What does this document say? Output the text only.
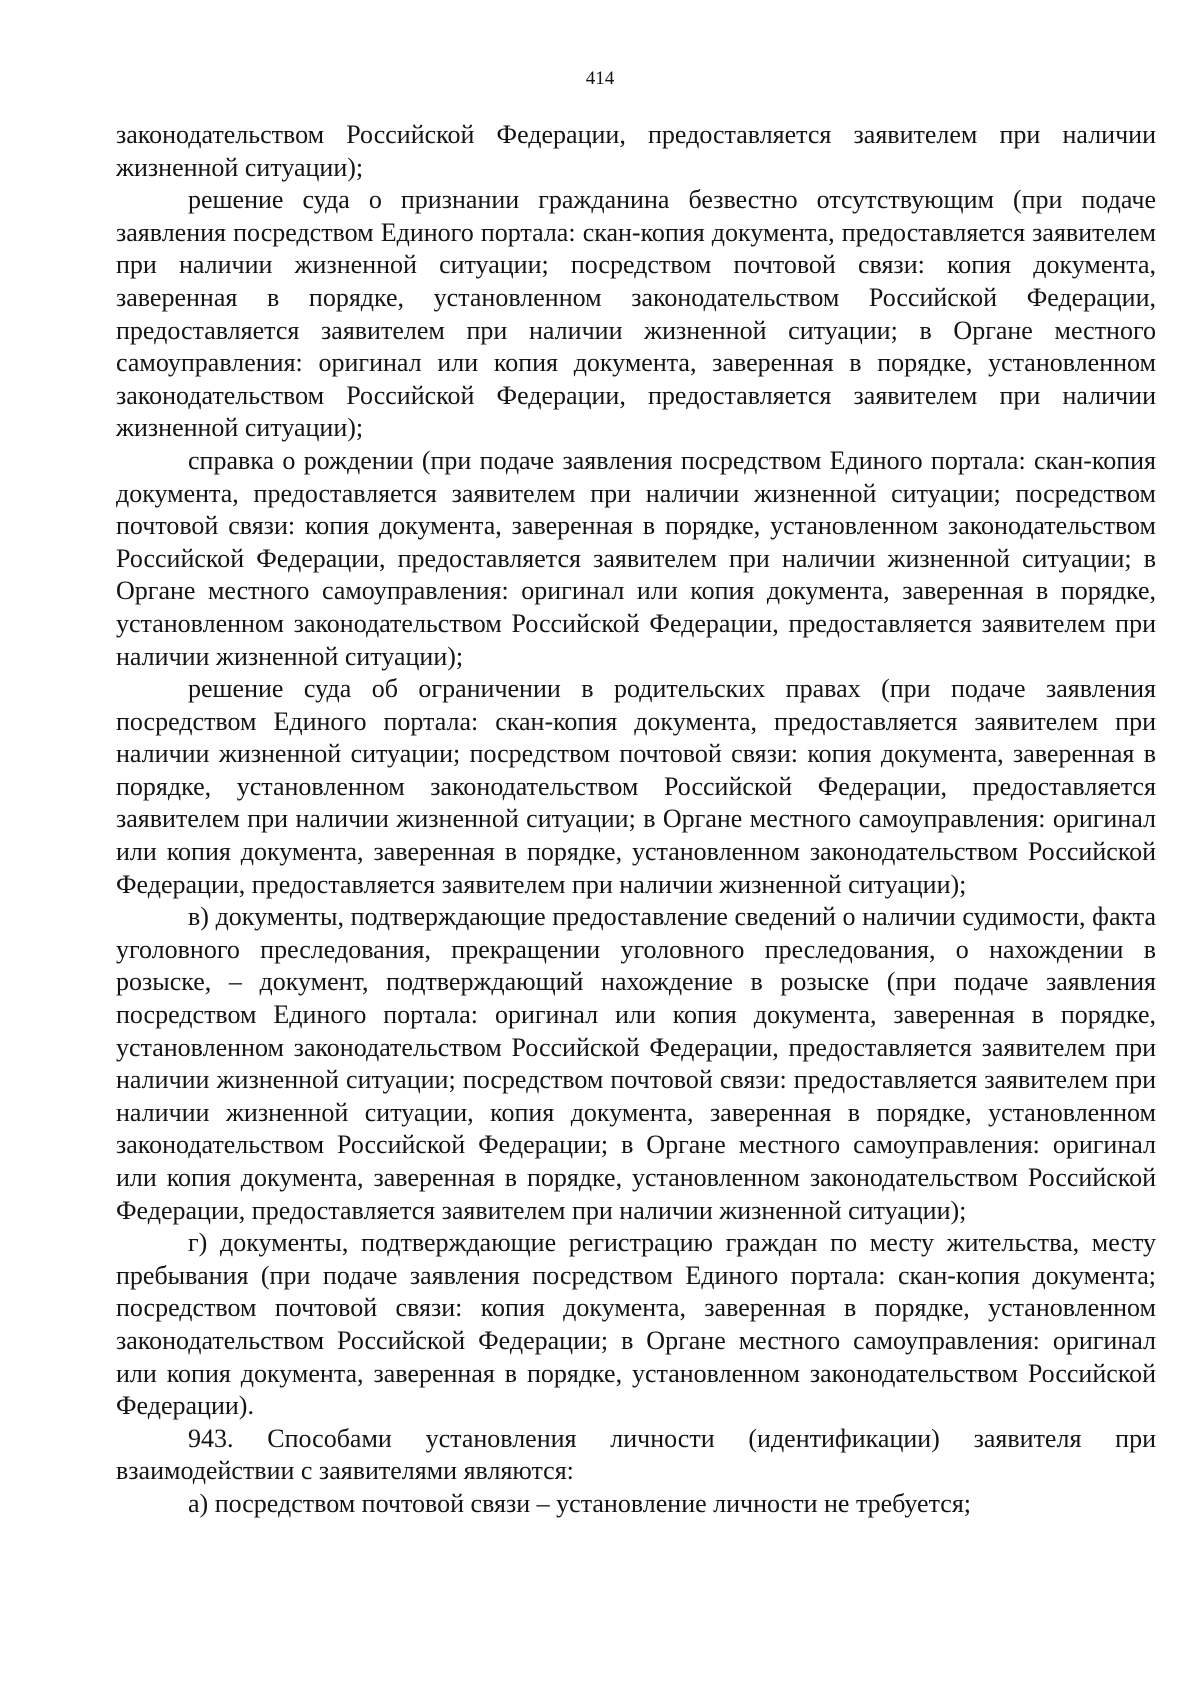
414

законодательством Российской Федерации, предоставляется заявителем при наличии жизненной ситуации);

решение суда о признании гражданина безвестно отсутствующим (при подаче заявления посредством Единого портала: скан-копия документа, предоставляется заявителем при наличии жизненной ситуации; посредством почтовой связи: копия документа, заверенная в порядке, установленном законодательством Российской Федерации, предоставляется заявителем при наличии жизненной ситуации; в Органе местного самоуправления: оригинал или копия документа, заверенная в порядке, установленном законодательством Российской Федерации, предоставляется заявителем при наличии жизненной ситуации);

справка о рождении (при подаче заявления посредством Единого портала: скан-копия документа, предоставляется заявителем при наличии жизненной ситуации; посредством почтовой связи: копия документа, заверенная в порядке, установленном законодательством Российской Федерации, предоставляется заявителем при наличии жизненной ситуации; в Органе местного самоуправления: оригинал или копия документа, заверенная в порядке, установленном законодательством Российской Федерации, предоставляется заявителем при наличии жизненной ситуации);

решение суда об ограничении в родительских правах (при подаче заявления посредством Единого портала: скан-копия документа, предоставляется заявителем при наличии жизненной ситуации; посредством почтовой связи: копия документа, заверенная в порядке, установленном законодательством Российской Федерации, предоставляется заявителем при наличии жизненной ситуации; в Органе местного самоуправления: оригинал или копия документа, заверенная в порядке, установленном законодательством Российской Федерации, предоставляется заявителем при наличии жизненной ситуации);

в) документы, подтверждающие предоставление сведений о наличии судимости, факта уголовного преследования, прекращении уголовного преследования, о нахождении в розыске, – документ, подтверждающий нахождение в розыске (при подаче заявления посредством Единого портала: оригинал или копия документа, заверенная в порядке, установленном законодательством Российской Федерации, предоставляется заявителем при наличии жизненной ситуации; посредством почтовой связи: предоставляется заявителем при наличии жизненной ситуации, копия документа, заверенная в порядке, установленном законодательством Российской Федерации; в Органе местного самоуправления: оригинал или копия документа, заверенная в порядке, установленном законодательством Российской Федерации, предоставляется заявителем при наличии жизненной ситуации);

г) документы, подтверждающие регистрацию граждан по месту жительства, месту пребывания (при подаче заявления посредством Единого портала: скан-копия документа; посредством почтовой связи: копия документа, заверенная в порядке, установленном законодательством Российской Федерации; в Органе местного самоуправления: оригинал или копия документа, заверенная в порядке, установленном законодательством Российской Федерации).

943. Способами установления личности (идентификации) заявителя при взаимодействии с заявителями являются:

а) посредством почтовой связи – установление личности не требуется;
